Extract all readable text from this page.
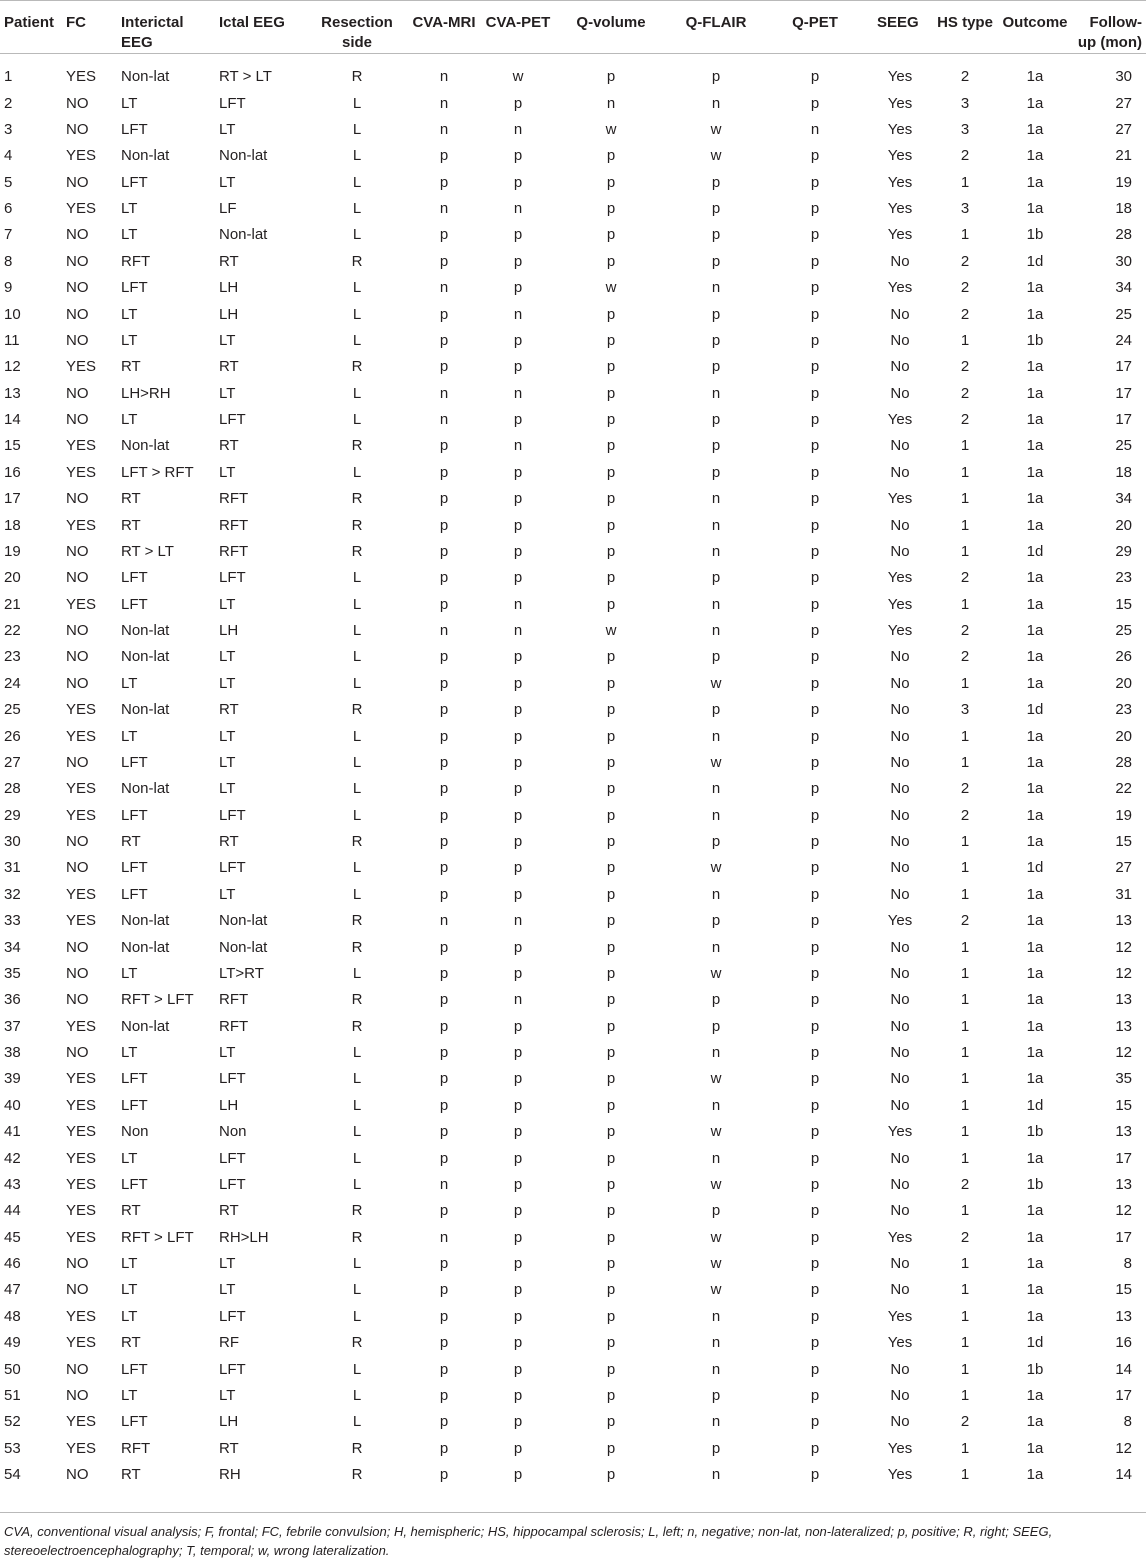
Patient	FC	Interictal EEG	Ictal EEG	Resection side	CVA-MRI	CVA-PET	Q-volume	Q-FLAIR	Q-PET	SEEG	HS type	Outcome	Follow-up (mon)

1	YES	Non-lat	RT > LT	R	n	w	p	p	p	Yes	2	1a	30
2	NO	LT	LFT	L	n	p	n	n	p	Yes	3	1a	27
3	NO	LFT	LT	L	n	n	w	w	n	Yes	3	1a	27
4	YES	Non-lat	Non-lat	L	p	p	p	w	p	Yes	2	1a	21
5	NO	LFT	LT	L	p	p	p	p	p	Yes	1	1a	19
6	YES	LT	LF	L	n	n	p	p	p	Yes	3	1a	18
7	NO	LT	Non-lat	L	p	p	p	p	p	Yes	1	1b	28
8	NO	RFT	RT	R	p	p	p	p	p	No	2	1d	30
9	NO	LFT	LH	L	n	p	w	n	p	Yes	2	1a	34
10	NO	LT	LH	L	p	n	p	p	p	No	2	1a	25
11	NO	LT	LT	L	p	p	p	p	p	No	1	1b	24
12	YES	RT	RT	R	p	p	p	p	p	No	2	1a	17
13	NO	LH>RH	LT	L	n	n	p	n	p	No	2	1a	17
14	NO	LT	LFT	L	n	p	p	p	p	Yes	2	1a	17
15	YES	Non-lat	RT	R	p	n	p	p	p	No	1	1a	25
16	YES	LFT > RFT	LT	L	p	p	p	p	p	No	1	1a	18
17	NO	RT	RFT	R	p	p	p	n	p	Yes	1	1a	34
18	YES	RT	RFT	R	p	p	p	n	p	No	1	1a	20
19	NO	RT > LT	RFT	R	p	p	p	n	p	No	1	1d	29
20	NO	LFT	LFT	L	p	p	p	p	p	Yes	2	1a	23
21	YES	LFT	LT	L	p	n	p	n	p	Yes	1	1a	15
22	NO	Non-lat	LH	L	n	n	w	n	p	Yes	2	1a	25
23	NO	Non-lat	LT	L	p	p	p	p	p	No	2	1a	26
24	NO	LT	LT	L	p	p	p	w	p	No	1	1a	20
25	YES	Non-lat	RT	R	p	p	p	p	p	No	3	1d	23
26	YES	LT	LT	L	p	p	p	n	p	No	1	1a	20
27	NO	LFT	LT	L	p	p	p	w	p	No	1	1a	28
28	YES	Non-lat	LT	L	p	p	p	n	p	No	2	1a	22
29	YES	LFT	LFT	L	p	p	p	n	p	No	2	1a	19
30	NO	RT	RT	R	p	p	p	p	p	No	1	1a	15
31	NO	LFT	LFT	L	p	p	p	w	p	No	1	1d	27
32	YES	LFT	LT	L	p	p	p	n	p	No	1	1a	31
33	YES	Non-lat	Non-lat	R	n	n	p	p	p	Yes	2	1a	13
34	NO	Non-lat	Non-lat	R	p	p	p	n	p	No	1	1a	12
35	NO	LT	LT>RT	L	p	p	p	w	p	No	1	1a	12
36	NO	RFT > LFT	RFT	R	p	n	p	p	p	No	1	1a	13
37	YES	Non-lat	RFT	R	p	p	p	p	p	No	1	1a	13
38	NO	LT	LT	L	p	p	p	n	p	No	1	1a	12
39	YES	LFT	LFT	L	p	p	p	w	p	No	1	1a	35
40	YES	LFT	LH	L	p	p	p	n	p	No	1	1d	15
41	YES	Non	Non	L	p	p	p	w	p	Yes	1	1b	13
42	YES	LT	LFT	L	p	p	p	n	p	No	1	1a	17
43	YES	LFT	LFT	L	n	p	p	w	p	No	2	1b	13
44	YES	RT	RT	R	p	p	p	p	p	No	1	1a	12
45	YES	RFT > LFT	RH>LH	R	n	p	p	w	p	Yes	2	1a	17
46	NO	LT	LT	L	p	p	p	w	p	No	1	1a	8
47	NO	LT	LT	L	p	p	p	w	p	No	1	1a	15
48	YES	LT	LFT	L	p	p	p	n	p	Yes	1	1a	13
49	YES	RT	RF	R	p	p	p	n	p	Yes	1	1d	16
50	NO	LFT	LFT	L	p	p	p	n	p	No	1	1b	14
51	NO	LT	LT	L	p	p	p	p	p	No	1	1a	17
52	YES	LFT	LH	L	p	p	p	n	p	No	2	1a	8
53	YES	RFT	RT	R	p	p	p	p	p	Yes	1	1a	12
54	NO	RT	RH	R	p	p	p	n	p	Yes	1	1a	14
CVA, conventional visual analysis; F, frontal; FC, febrile convulsion; H, hemispheric; HS, hippocampal sclerosis; L, left; n, negative; non-lat, non-lateralized; p, positive; R, right; SEEG, stereoelectroencephalography; T, temporal; w, wrong lateralization.
